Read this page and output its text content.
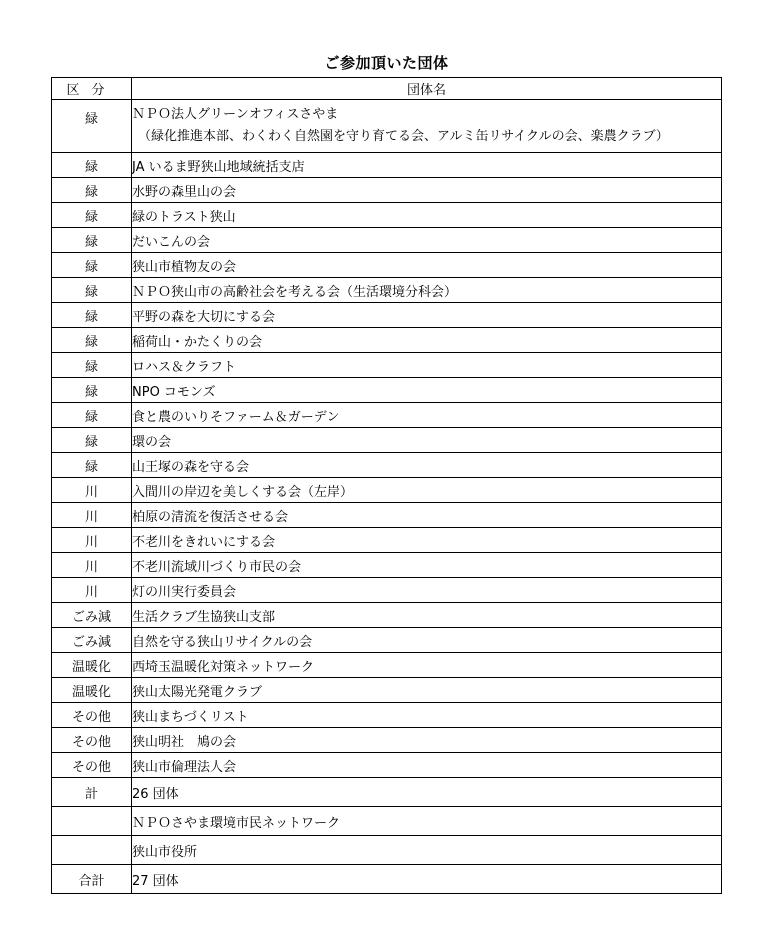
ご参加頂いた団体
区分	団体名
緑	ＮＰＯ法人グリーンオフィスさやま
（緑化推進本部、わくわく自然園を守り育てる会、アルミ缶リサイクルの会、楽農クラブ）

緑	JA いるま野狭山地域統括支店
緑	水野の森里山の会
緑	緑のトラスト狭山
緑	だいこんの会
緑	狭山市植物友の会
緑	ＮＰＯ狭山市の高齢社会を考える会（生活環境分科会）
緑	平野の森を大切にする会
緑	稲荷山・かたくりの会
緑	ロハス＆クラフト
緑	NPO コモンズ
緑	食と農のいりそファーム＆ガーデン
緑	環の会
緑	山王塚の森を守る会
川	入間川の岸辺を美しくする会（左岸）
川	柏原の清流を復活させる会
川	不老川をきれいにする会
川	不老川流域川づくり市民の会
川	灯の川実行委員会
ごみ減	生活クラブ生協狭山支部
ごみ減	自然を守る狭山リサイクルの会
温暖化	西埼玉温暖化対策ネットワーク
温暖化	狭山太陽光発電クラブ
その他	狭山まちづくリスト
その他	狭山明社　鳩の会
その他	狭山市倫理法人会
計	26 団体
	ＮＰＯさやま環境市民ネットワーク
	狭山市役所
合計	27 団体
